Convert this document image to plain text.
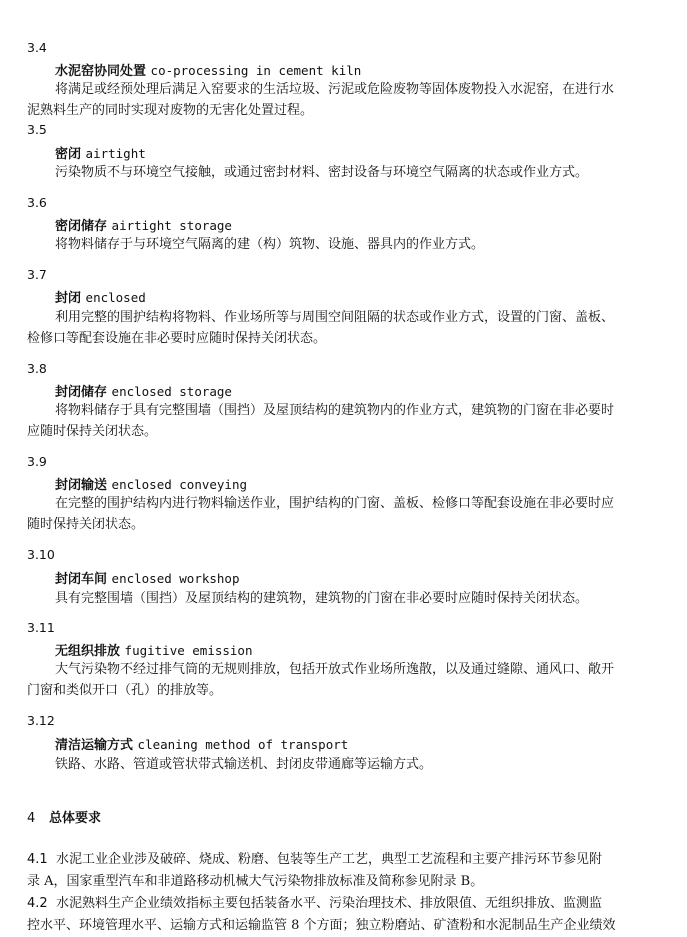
3.4
水泥窑协同处置 co-processing in cement kiln
将满足或经预处理后满足入窑要求的生活垃圾、污泥或危险废物等固体废物投入水泥窑，在进行水
泥熟料生产的同时实现对废物的无害化处置过程。
3.5
密闭 airtight
污染物质不与环境空气接触，或通过密封材料、密封设备与环境空气隔离的状态或作业方式。
3.6
密闭储存 airtight storage
将物料储存于与环境空气隔离的建（构）筑物、设施、器具内的作业方式。
3.7
封闭 enclosed
利用完整的围护结构将物料、作业场所等与周围空间阻隔的状态或作业方式，设置的门窗、盖板、
检修口等配套设施在非必要时应随时保持关闭状态。
3.8
封闭储存 enclosed storage
将物料储存于具有完整围墙（围挡）及屋顶结构的建筑物内的作业方式，建筑物的门窗在非必要时
应随时保持关闭状态。
3.9
封闭输送 enclosed conveying
在完整的围护结构内进行物料输送作业，围护结构的门窗、盖板、检修口等配套设施在非必要时应
随时保持关闭状态。
3.10
封闭车间 enclosed workshop
具有完整围墙（围挡）及屋顶结构的建筑物，建筑物的门窗在非必要时应随时保持关闭状态。
3.11
无组织排放 fugitive emission
大气污染物不经过排气筒的无规则排放，包括开放式作业场所逸散，以及通过缝隙、通风口、敞开
门窗和类似开口（孔）的排放等。
3.12
清洁运输方式 cleaning method of transport
铁路、水路、管道或管状带式输送机、封闭皮带通廊等运输方式。
4 总体要求
4.1 水泥工业企业涉及破碎、烧成、粉磨、包装等生产工艺，典型工艺流程和主要产排污环节参见附
录 A，国家重型汽车和非道路移动机械大气污染物排放标准及简称参见附录 B。
4.2 水泥熟料生产企业绩效指标主要包括装备水平、污染治理技术、排放限值、无组织排放、监测监
控水平、环境管理水平、运输方式和运输监管 8 个方面；独立粉磨站、矿渣粉和水泥制品生产企业绩效
